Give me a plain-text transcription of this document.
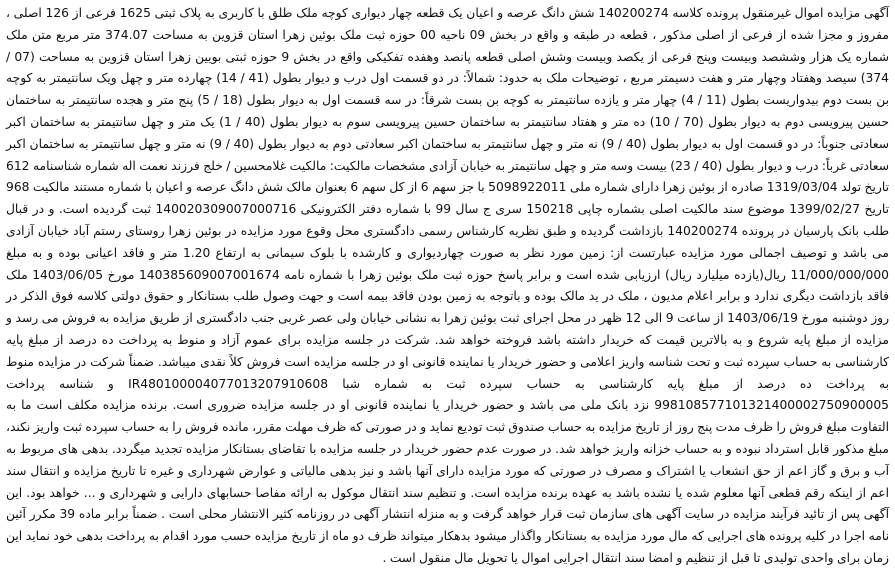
آگهی مزایده اموال غیرمنقول پرونده کلاسه 140200274 شش دانگ عرصه و اعیان یک قطعه چهار دیواری کوچه ملک طلق با کاربری به پلاک ثبتی 1625 فرعی از 126 اصلی ، مفروز و مجزا شده از فرعی از اصلی مذکور ، قطعه در طبقه و واقع در بخش 09 ناحیه 00 حوزه ثبت ملک بوئین زهرا استان قزوین به مساحت 374.07 متر مربع متن ملک شماره یک هزار وششصد وبیست وپنج فرعی از یکصد وبیست وشش اصلی قطعه پانصد وهفده تفکیکی واقع در بخش 9 حوزه ثبتی بویین زهرا استان قزوین به مساحت (07 / 374) سیصد وهفتاد وچهار متر و هفت دسیمتر مربع ، توضیحات ملک به حدود: شمالاً: در دو قسمت اول درب و دیوار بطول (41 / 14) چهارده متر و چهل ویک سانتیمتر به کوچه بن بست دوم بیدواریست بطول (11 / 4) چهار متر و یازده سانتیمتر به کوچه بن بست شرقاً: در سه قسمت اول به دیوار بطول (18 / 5) پنج متر و هجده سانتیمتر به ساختمان حسین پیرویسی دوم به دیوار بطول (70 / 10) ده متر و هفتاد سانتیمتر به ساختمان حسین پیرویسی سوم به دیوار بطول (40 / 1) یک متر و چهل سانتیمتر به ساختمان اکبر سعادتی جنوباً: در دو قسمت اول به دیوار بطول (40 / 9) نه متر و چهل سانتیمتر به ساختمان اکبر سعادتی دوم به دیوار بطول (40 / 9) نه متر و چهل سانتیمتر به ساختمان اکبر سعادتی غرباً: درب و دیوار بطول (40 / 23) بیست وسه متر و چهل سانتیمتر به خیابان آزادی مشخصات مالکیت: مالکیت غلامحسین / خلج فرزند نعمت اله شماره شناسنامه 612 تاریخ تولد 1319/03/04 صادره از بوئین زهرا دارای شماره ملی 5098922011 با جز سهم 6 از کل سهم 6 بعنوان مالک شش دانگ عرصه و اعیان با شماره مستند مالکیت 968 تاریخ 1399/02/27 موضوع سند مالکیت اصلی بشماره چاپی 150218 سری ج سال 99 با شماره دفتر الکترونیکی 140020309007000716 ثبت گردیده است. و در قبال طلب بانک پارسیان در پرونده 140200274 بازداشت گردیده و طبق نظریه کارشناس رسمی دادگستری محل وقوع مورد مزایده در بوئین زهرا روستای رستم آباد خیابان آزادی می باشد و توصیف اجمالی مورد مزایده عبارتست از: زمین مورد نظر به صورت چهاردیواری و کارشده با بلوک سیمانی به ارتفاع 1.20 متر و فاقد اعیانی بوده و به مبلغ 11/000/000/000 ریال(یازده میلیارد ریال) ارزیابی شده است و برابر پاسخ حوزه ثبت ملک بوئین زهرا با شماره نامه 140385609007001674 مورخ 1403/06/05 ملک فاقد بازداشت دیگری ندارد و برابر اعلام مدیون ، ملک در ید مالک بوده و باتوجه به زمین بودن فاقد بیمه است و جهت وصول طلب بستانکار و حقوق دولتی کلاسه فوق الذکر در روز دوشنبه مورخ 1403/06/19 از ساعت 9 الی 12 ظهر در محل اجرای ثبت بوئین زهرا به نشانی خیابان ولی عصر غربی جنب دادگستری از طریق مزایده به فروش می رسد و مزایده از مبلغ پایه شروع و به بالاترین قیمت که خریدار داشته باشد فروخته خواهد شد. شرکت در جلسه مزایده برای عموم آزاد و منوط به پرداخت ده درصد از مبلغ پایه کارشناسی به حساب سپرده ثبت و تحت شناسه واریز اعلامی و حضور خریدار یا نماینده قانونی او در جلسه مزایده است فروش کلاً نقدی میباشد. ضمناً شرکت در مزایده منوط به پرداخت ده درصد از مبلغ پایه کارشناسی به حساب سپرده ثبت به شماره شبا IR480100004077013207910608 و شناسه پرداخت 998108577101321400002750900005 نزد بانک ملی می باشد و حضور خریدار یا نماینده قانونی او در جلسه مزایده ضروری است. برنده مزایده مکلف است ما به التفاوت مبلغ فروش را ظرف مدت پنج روز از تاریخ مزایده به حساب صندوق ثبت تودیع نماید و در صورتی که ظرف مهلت مقرر، مانده فروش را به حساب سپرده ثبت واریز نکند، مبلغ مذکور قابل استرداد نبوده و به حساب خزانه واریز خواهد شد. در صورت عدم حضور خریدار در جلسه مزایده با تقاضای بستانکار مزایده تجدید میگردد. بدهی های مربوط به آب و برق و گاز اعم از حق انشعاب یا اشتراک و مصرف در صورتی که مورد مزایده دارای آنها باشد و نیز بدهی مالیاتی و عوارض شهرداری و غیره تا تاریخ مزایده و انتقال سند اعم از اینکه رقم قطعی آنها معلوم شده یا نشده باشد به عهده برنده مزایده است. و تنظیم سند انتقال موکول به ارائه مفاصا حسابهای دارایی و شهرداری و ... خواهد بود. این آگهی پس از تائید فرآیند مزایده در سایت آگهی های سازمان ثبت قرار خواهد گرفت و به منزله انتشار آگهی در روزنامه کثیر الانتشار محلی است . ضمناً برابر ماده 39 مکرر آئین نامه اجرا در کلیه پرونده های اجرایی که مال مورد مزایده به بستانکار واگذار میشود بدهکار میتواند ظرف دو ماه از تاریخ مزایده حسب مورد اقدام به پرداخت بدهی خود نماید این زمان برای واحدی تولیدی تا قبل از تنظیم و امضا سند انتقال اجرایی اموال یا تحویل مال منقول است .
